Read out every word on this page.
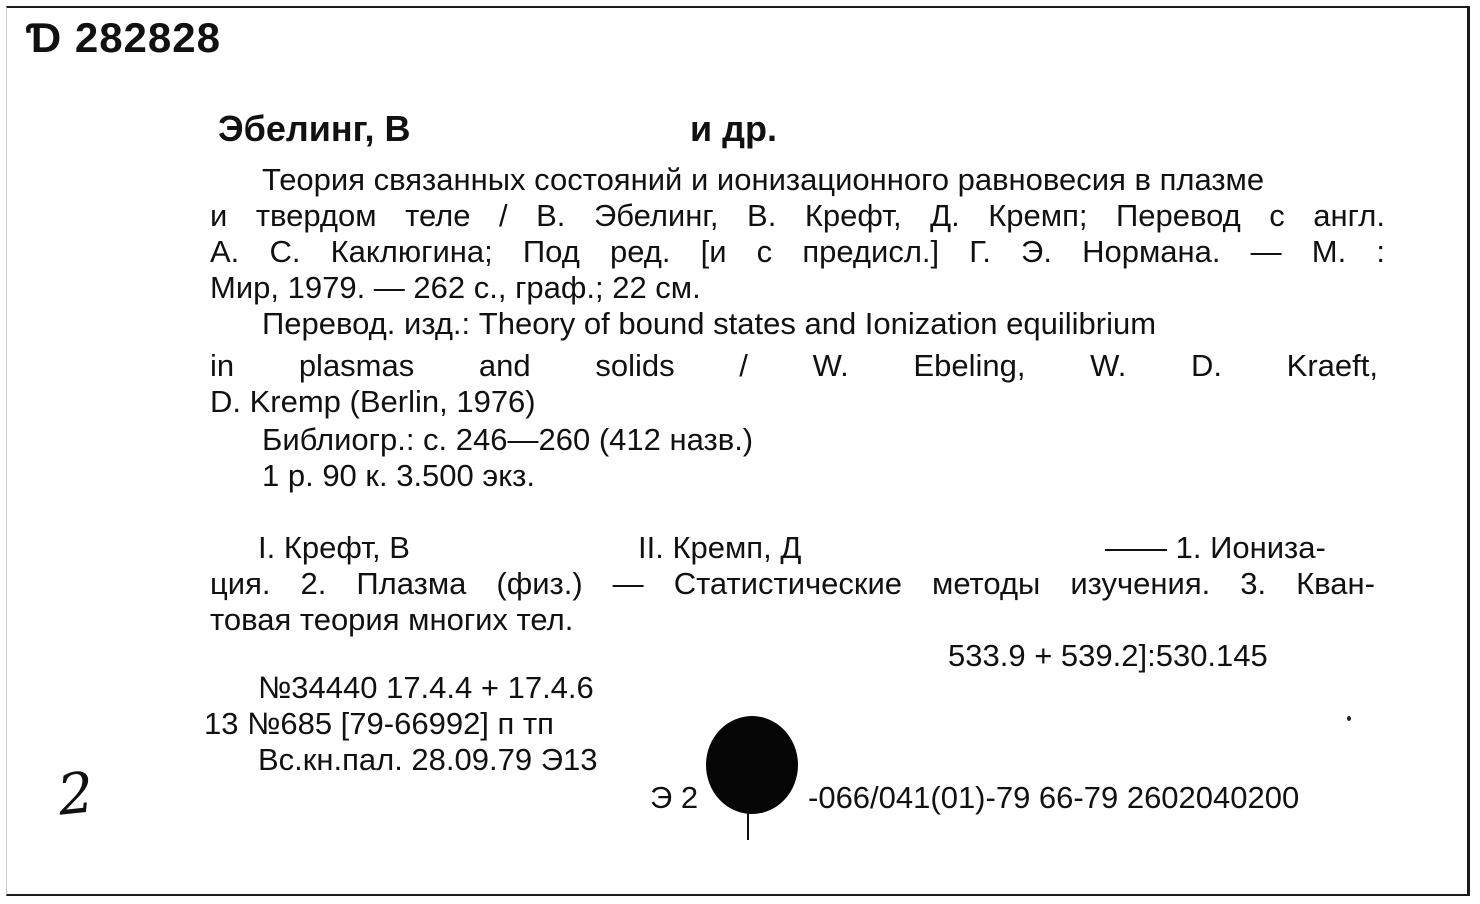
Ɗ 282828
Эбелинг, В	и др.
Теория связанных состояний и ионизационного равновесия в плазме
и твердом теле / В. Эбелинг, В. Крефт, Д. Кремп; Перевод с англ.
А. С. Каклюгина; Под ред. [и с предисл.] Г. Э. Нормана. — М. :
Мир, 1979. — 262 с., граф.; 22 см.
Перевод. изд.: Theory of bound states and Ionization equilibrium
in plasmas and solids / W. Ebeling, W. D. Kraeft,
D. Kremp (Berlin, 1976)
Библиогр.: с. 246—260 (412 назв.)
1 р. 90 к. 3.500 экз.
I. Крефт, В	II. Кремп, Д	—— 1. Иониза-
ция. 2. Плазма (физ.) — Статистические методы изучения. 3. Кван-
товая теория многих тел.
533.9 + 539.2]:530.145
№34440 17.4.4 + 17.4.6
13 №685 [79-66992] п тп
Вс.кн.пал. 28.09.79 Э13
Э 2	-066/041(01)-79 66-79 2602040200
2
